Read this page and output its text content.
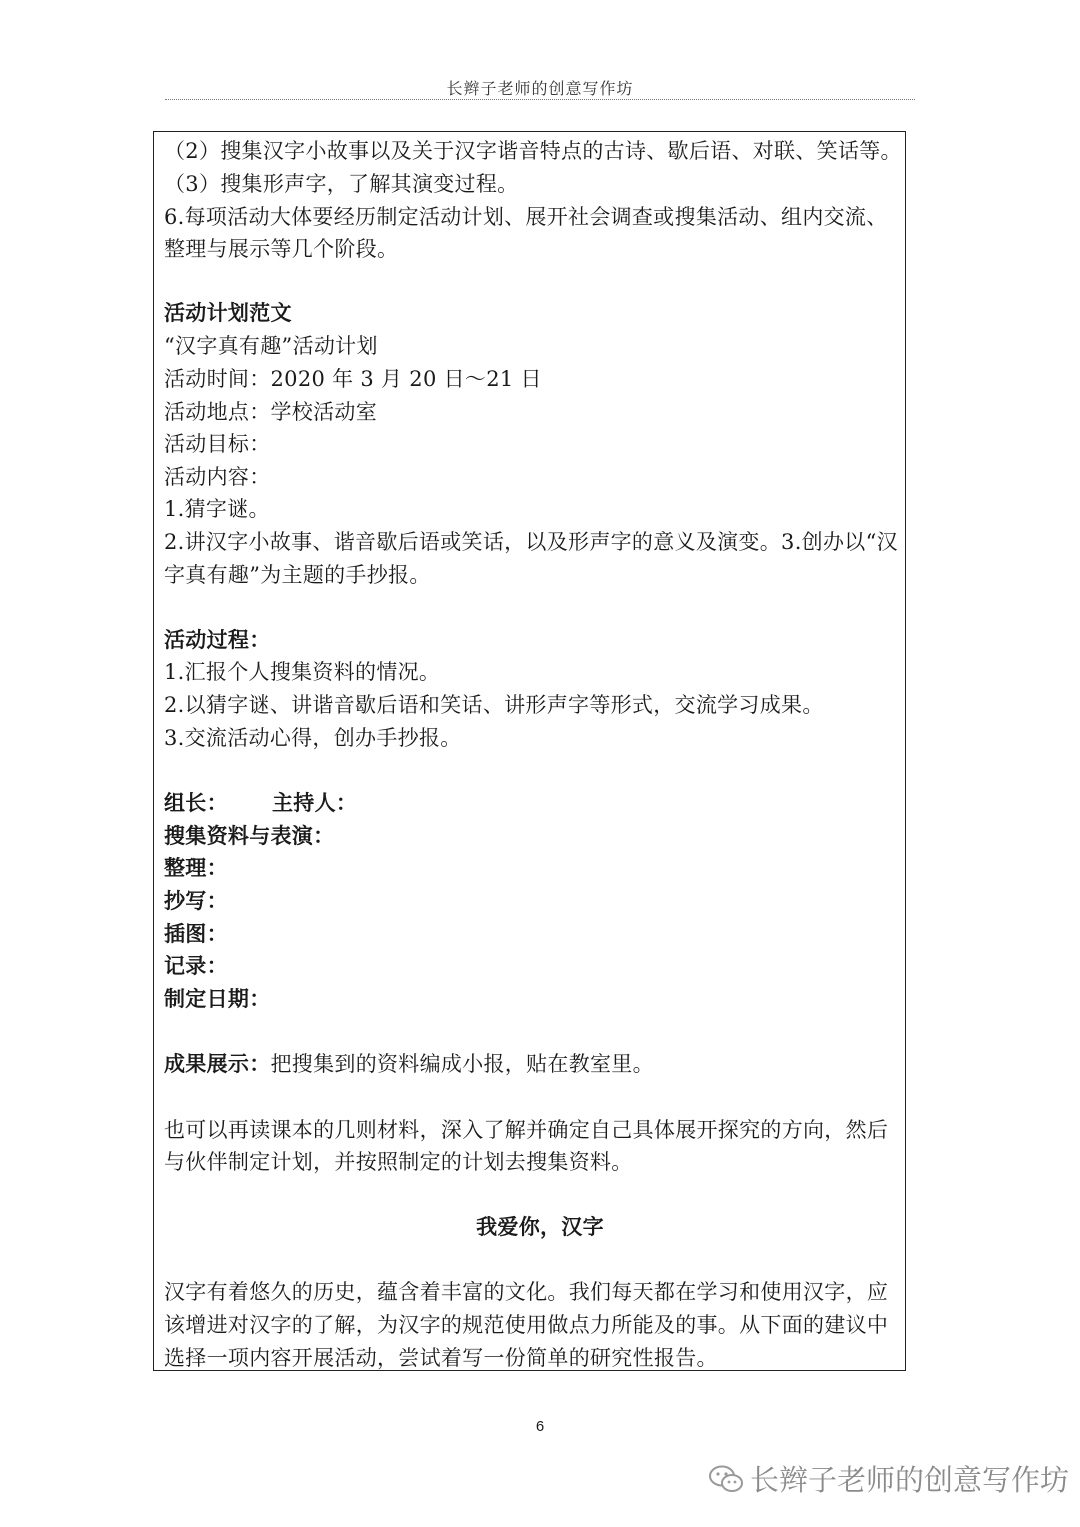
长辫子老师的创意写作坊
（2）搜集汉字小故事以及关于汉字谐音特点的古诗、歇后语、对联、笑话等。
（3）搜集形声字，了解其演变过程。
6.每项活动大体要经历制定活动计划、展开社会调查或搜集活动、组内交流、
整理与展示等几个阶段。
活动计划范文
“汉字真有趣”活动计划
活动时间：2020 年 3 月 20 日～21 日
活动地点：学校活动室
活动目标：
活动内容：
1.猜字谜。
2.讲汉字小故事、谐音歇后语或笑话，以及形声字的意义及演变。3.创办以“汉
字真有趣”为主题的手抄报。
活动过程：
1.汇报个人搜集资料的情况。
2.以猜字谜、讲谐音歇后语和笑话、讲形声字等形式，交流学习成果。
3.交流活动心得，创办手抄报。
组长： 主持人：
搜集资料与表演：
整理：
抄写：
插图：
记录：
制定日期：
成果展示：把搜集到的资料编成小报，贴在教室里。
也可以再读课本的几则材料，深入了解并确定自己具体展开探究的方向，然后
与伙伴制定计划，并按照制定的计划去搜集资料。
我爱你，汉字
汉字有着悠久的历史，蕴含着丰富的文化。我们每天都在学习和使用汉字，应
该增进对汉字的了解，为汉字的规范使用做点力所能及的事。从下面的建议中
选择一项内容开展活动，尝试着写一份简单的研究性报告。
6
长辫子老师的创意写作坊
